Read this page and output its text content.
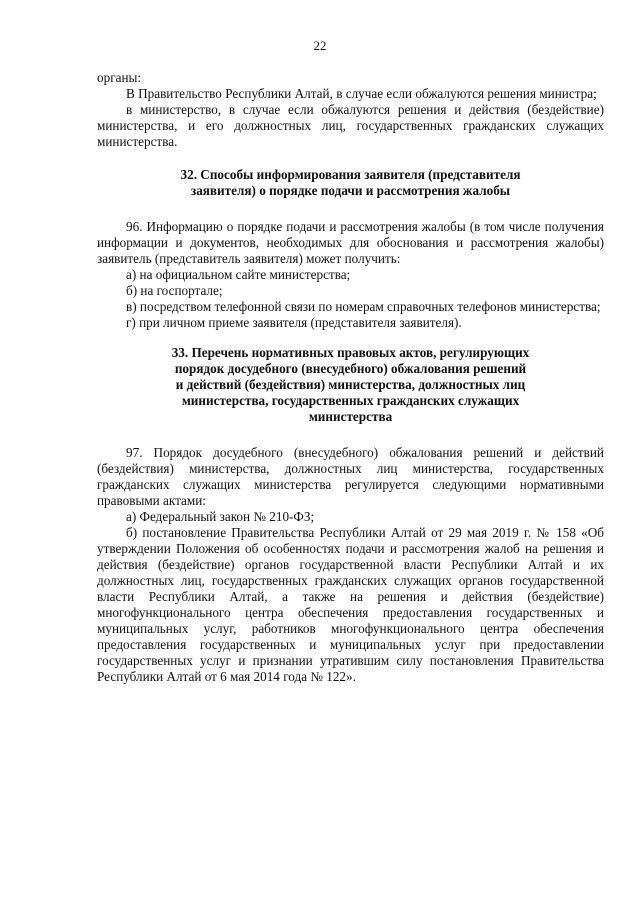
22

органы:

В Правительство Республики Алтай, в случае если обжалуются решения министра;

в министерство, в случае если обжалуются решения и действия (бездействие) министерства, и его должностных лиц, государственных гражданских служащих министерства.

32. Способы информирования заявителя (представителя
заявителя) о порядке подачи и рассмотрения жалобы

96. Информацию о порядке подачи и рассмотрения жалобы (в том числе получения информации и документов, необходимых для обоснования и рассмотрения жалобы) заявитель (представитель заявителя) может получить:

а) на официальном сайте министерства;

б) на госпортале;

в) посредством телефонной связи по номерам справочных телефонов министерства;

г) при личном приеме заявителя (представителя заявителя).

33. Перечень нормативных правовых актов, регулирующих
порядок досудебного (внесудебного) обжалования решений
и действий (бездействия) министерства, должностных лиц
министерства, государственных гражданских служащих
министерства

97. Порядок досудебного (внесудебного) обжалования решений и действий (бездействия) министерства, должностных лиц министерства, государственных гражданских служащих министерства регулируется следующими нормативными правовыми актами:

а) Федеральный закон № 210-ФЗ;

б) постановление Правительства Республики Алтай от 29 мая 2019 г. № 158 «Об утверждении Положения об особенностях подачи и рассмотрения жалоб на решения и действия (бездействие) органов государственной власти Республики Алтай и их должностных лиц, государственных гражданских служащих органов государственной власти Республики Алтай, а также на решения и действия (бездействие) многофункционального центра обеспечения предоставления государственных и муниципальных услуг, работников многофункционального центра обеспечения предоставления государственных и муниципальных услуг при предоставлении государственных услуг и признании утратившим силу постановления Правительства Республики Алтай от 6 мая 2014 года № 122».
